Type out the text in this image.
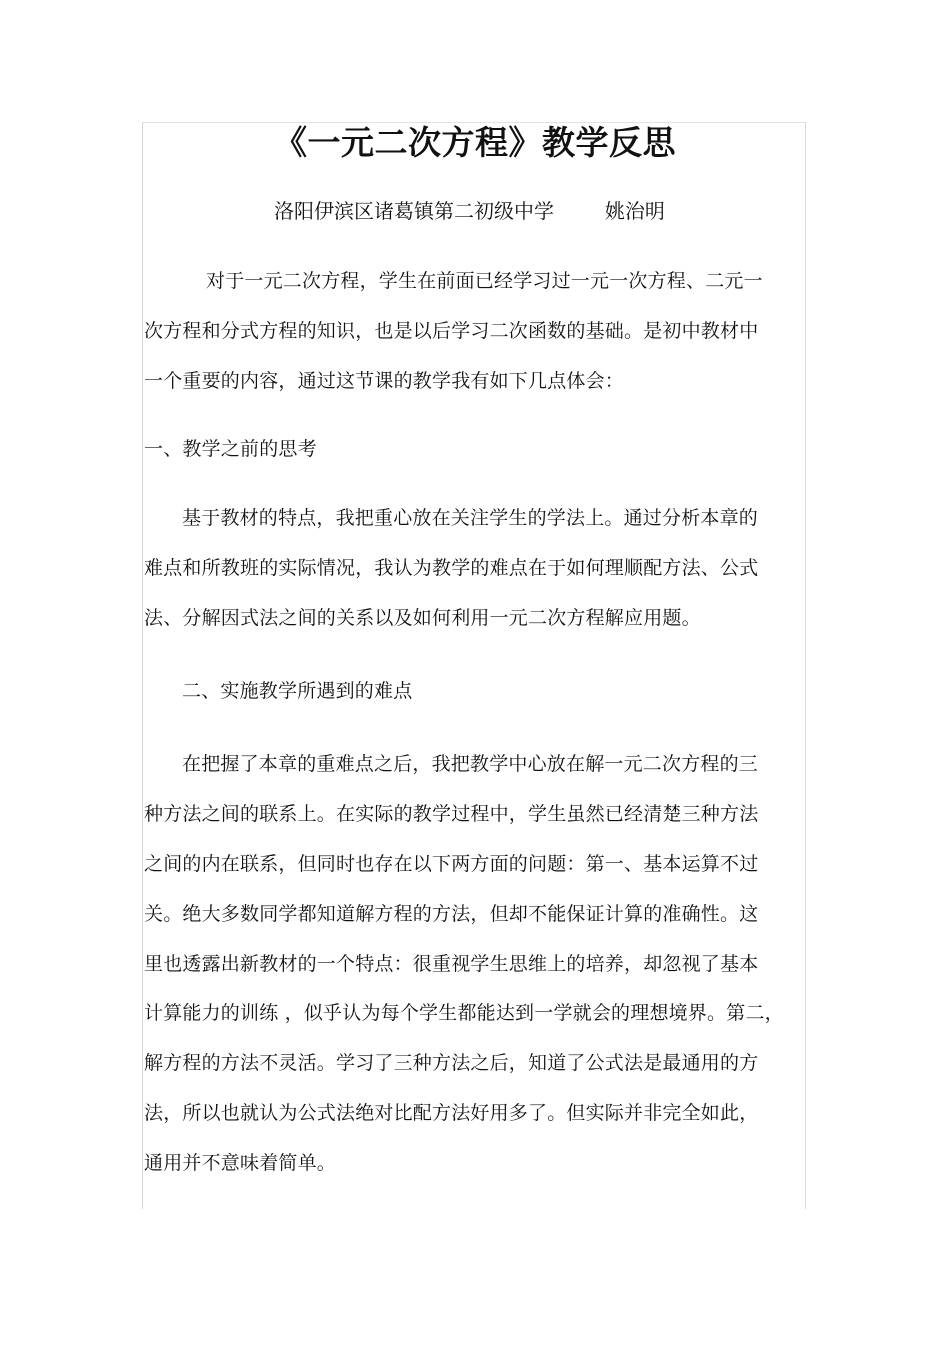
《一元二次方程》教学反思

洛阳伊滨区诸葛镇第二初级中学        姚治明

对于一元二次方程，学生在前面已经学习过一元一次方程、二元一

次方程和分式方程的知识，也是以后学习二次函数的基础。是初中教材中

一个重要的内容，通过这节课的教学我有如下几点体会：

一、教学之前的思考

基于教材的特点，我把重心放在关注学生的学法上。通过分析本章的

难点和所教班的实际情况，我认为教学的难点在于如何理顺配方法、公式

法、分解因式法之间的关系以及如何利用一元二次方程解应用题。

二、实施教学所遇到的难点

在把握了本章的重难点之后，我把教学中心放在解一元二次方程的三

种方法之间的联系上。在实际的教学过程中，学生虽然已经清楚三种方法

之间的内在联系，但同时也存在以下两方面的问题：第一、基本运算不过

关。绝大多数同学都知道解方程的方法，但却不能保证计算的准确性。这

里也透露出新教材的一个特点：很重视学生思维上的培养，却忽视了基本

计算能力的训练 ，似乎认为每个学生都能达到一学就会的理想境界。第二，

解方程的方法不灵活。学习了三种方法之后，知道了公式法是最通用的方

法，所以也就认为公式法绝对比配方法好用多了。但实际并非完全如此，

通用并不意味着简单。
